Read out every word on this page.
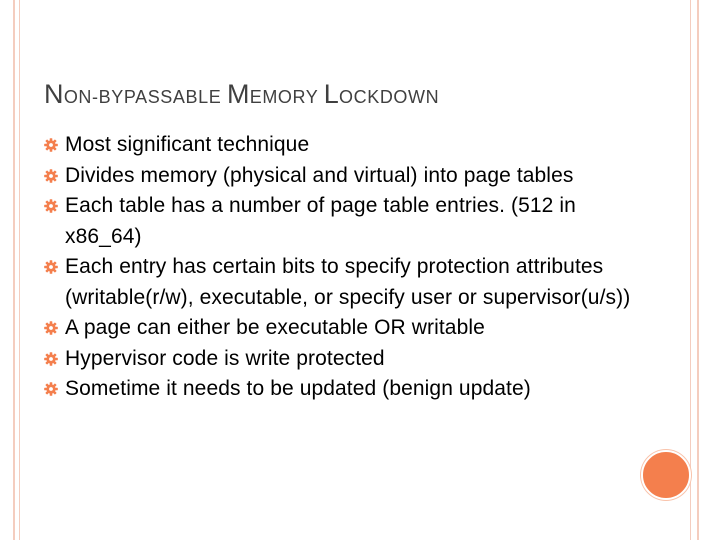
NON-BYPASSABLE MEMORY LOCKDOWN
Most significant technique
Divides memory (physical and virtual) into page tables
Each table has a number of page table entries. (512 in x86_64)
Each entry has certain bits to specify protection attributes (writable(r/w), executable, or specify user or supervisor(u/s))
A page can either be executable OR writable
Hypervisor code is write protected
Sometime it needs to be updated (benign update)
